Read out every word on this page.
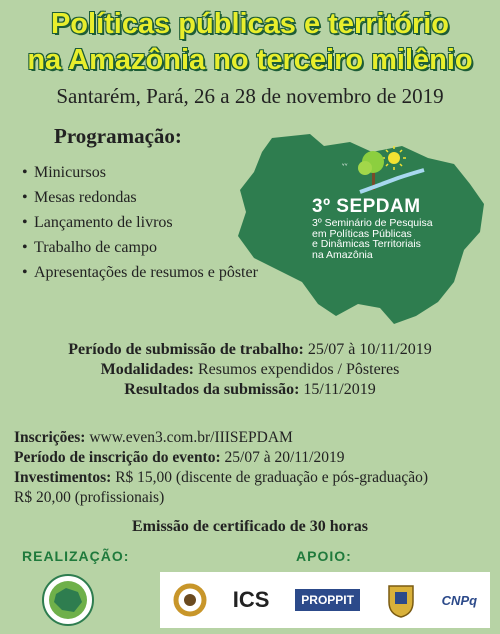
Políticas públicas e território
na Amazônia no terceiro milênio
Santarém, Pará, 26 a 28 de novembro de 2019
Programação:
• Minicursos
• Mesas redondas
• Lançamento de livros
• Trabalho de campo
• Apresentações de resumos e pôster
ᵛᵛ
3º SEPDAM
3º Seminário de Pesquisa
em Políticas Públicas
e Dinâmicas Territoriais
na Amazônia
Período de submissão de trabalho: 25/07 à 10/11/2019
Modalidades: Resumos expendidos / Pôsteres
Resultados da submissão: 15/11/2019
Inscrições: www.even3.com.br/IIISEPDAM
Período de inscrição do evento: 25/07 à 20/11/2019
Investimentos: R$ 15,00 (discente de graduação e pós-graduação)
R$ 20,00 (profissionais)
Emissão de certificado de 30 horas
REALIZAÇÃO:	APOIO:
ICS	PROPPIT	CNPq
